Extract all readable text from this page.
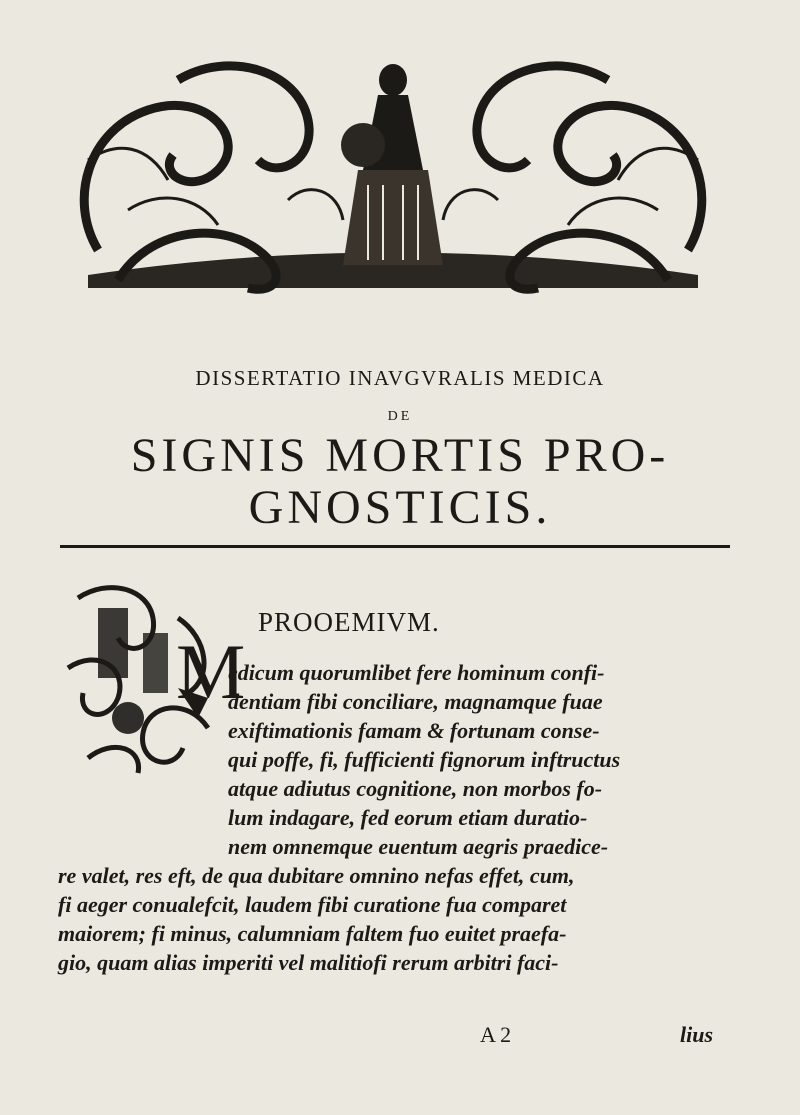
DISSERTATIO INAVGVRALIS MEDICA
DE
SIGNIS MORTIS PRO-
GNOSTICIS.
M
PROOEMIVM.
edicum quorumlibet fere hominum confi-
dentiam fibi conciliare, magnamque fuae
exiftimationis famam & fortunam conse-
qui poffe, fi, fufficienti fignorum inftructus
atque adiutus cognitione, non morbos fo-
lum indagare, fed eorum etiam duratio-
nem omnemque euentum aegris praedice-
re valet, res eft, de qua dubitare omnino nefas effet, cum,
fi aeger conualefcit, laudem fibi curatione fua comparet
maiorem; fi minus, calumniam faltem fuo euitet praefa-
gio, quam alias imperiti vel malitiofi rerum arbitri faci-
A 2	lius
